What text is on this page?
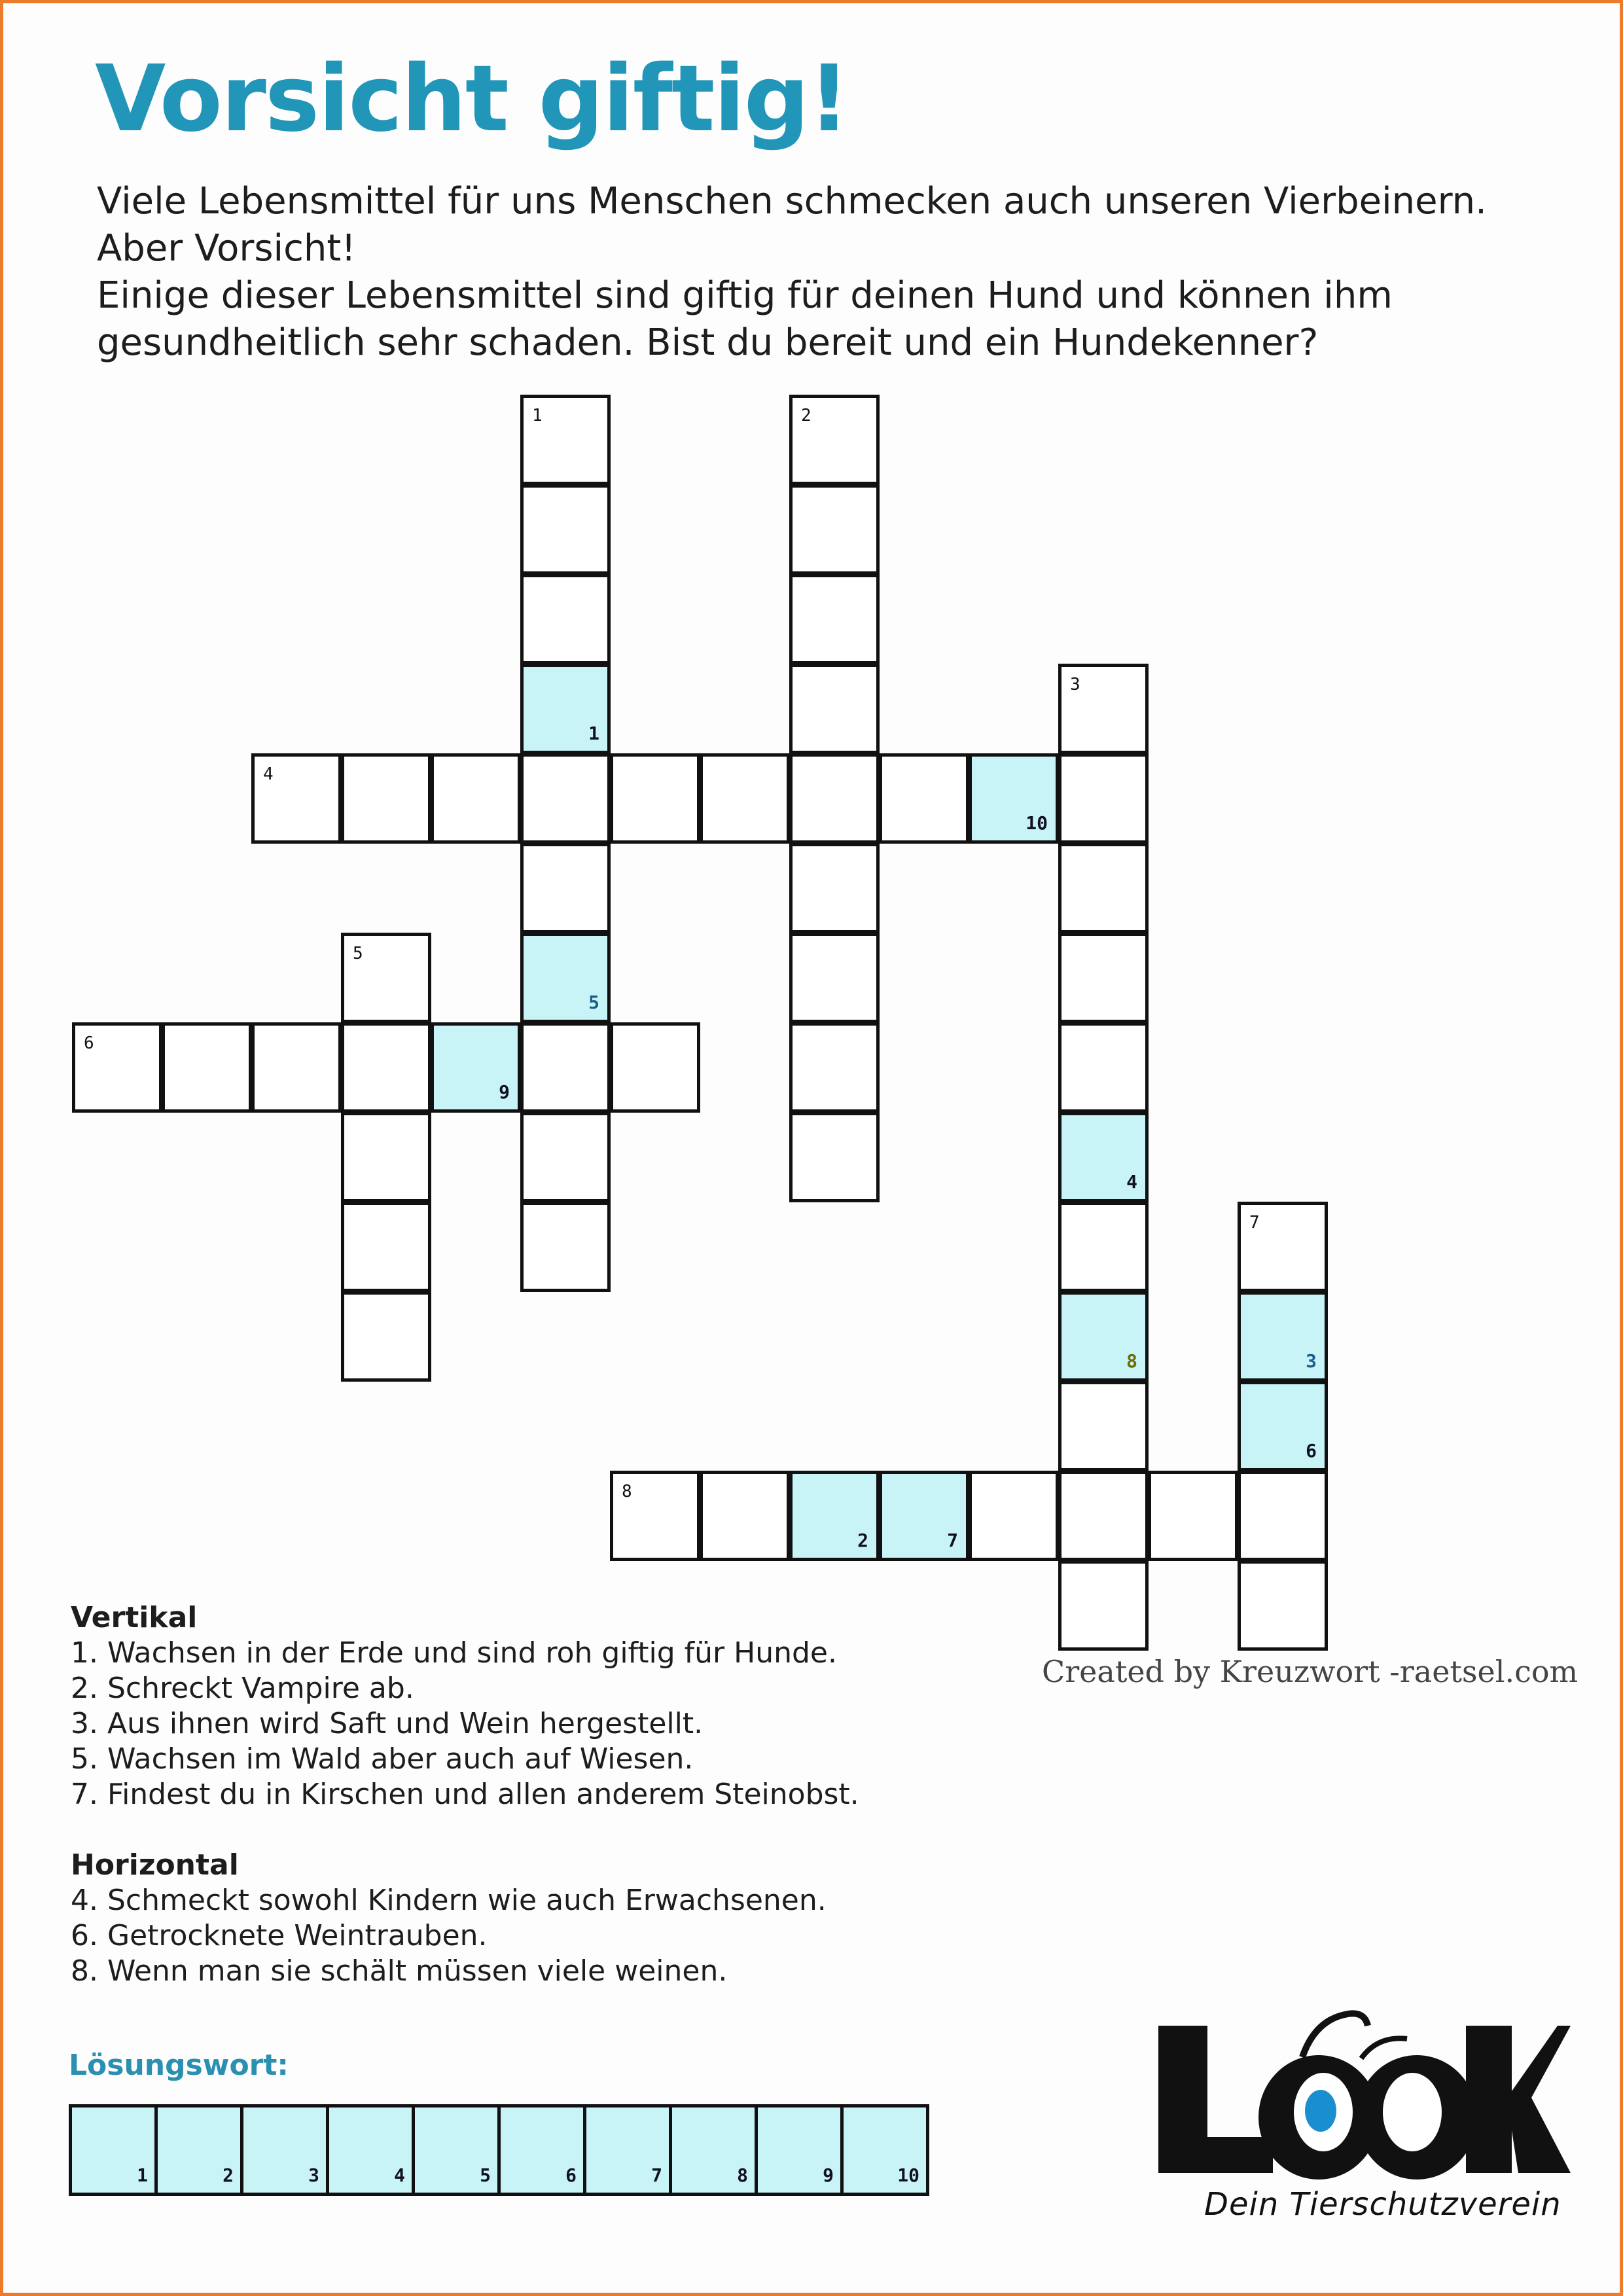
Vorsicht giftig!
Viele Lebensmittel für uns Menschen schmecken auch unseren Vierbeinern.
Aber Vorsicht!
Einige dieser Lebensmittel sind giftig für deinen Hund und können ihm
gesundheitlich sehr schaden. Bist du bereit und ein Hundekenner?
1
1
5
2
3
4
8
4
10
5
6
9
7
3
6
8
2	7
Created by Kreuzwort -raetsel.com
Vertikal
1. Wachsen in der Erde und sind roh giftig für Hunde.
2. Schreckt Vampire ab.
3. Aus ihnen wird Saft und Wein hergestellt.
5. Wachsen im Wald aber auch auf Wiesen.
7. Findest du in Kirschen und allen anderem Steinobst.
Horizontal
4. Schmeckt sowohl Kindern wie auch Erwachsenen.
6. Getrocknete Weintrauben.
8. Wenn man sie schält müssen viele weinen.
Lösungswort:
1	2	3	4	5	6	7	8	9	10
Dein Tierschutzverein
